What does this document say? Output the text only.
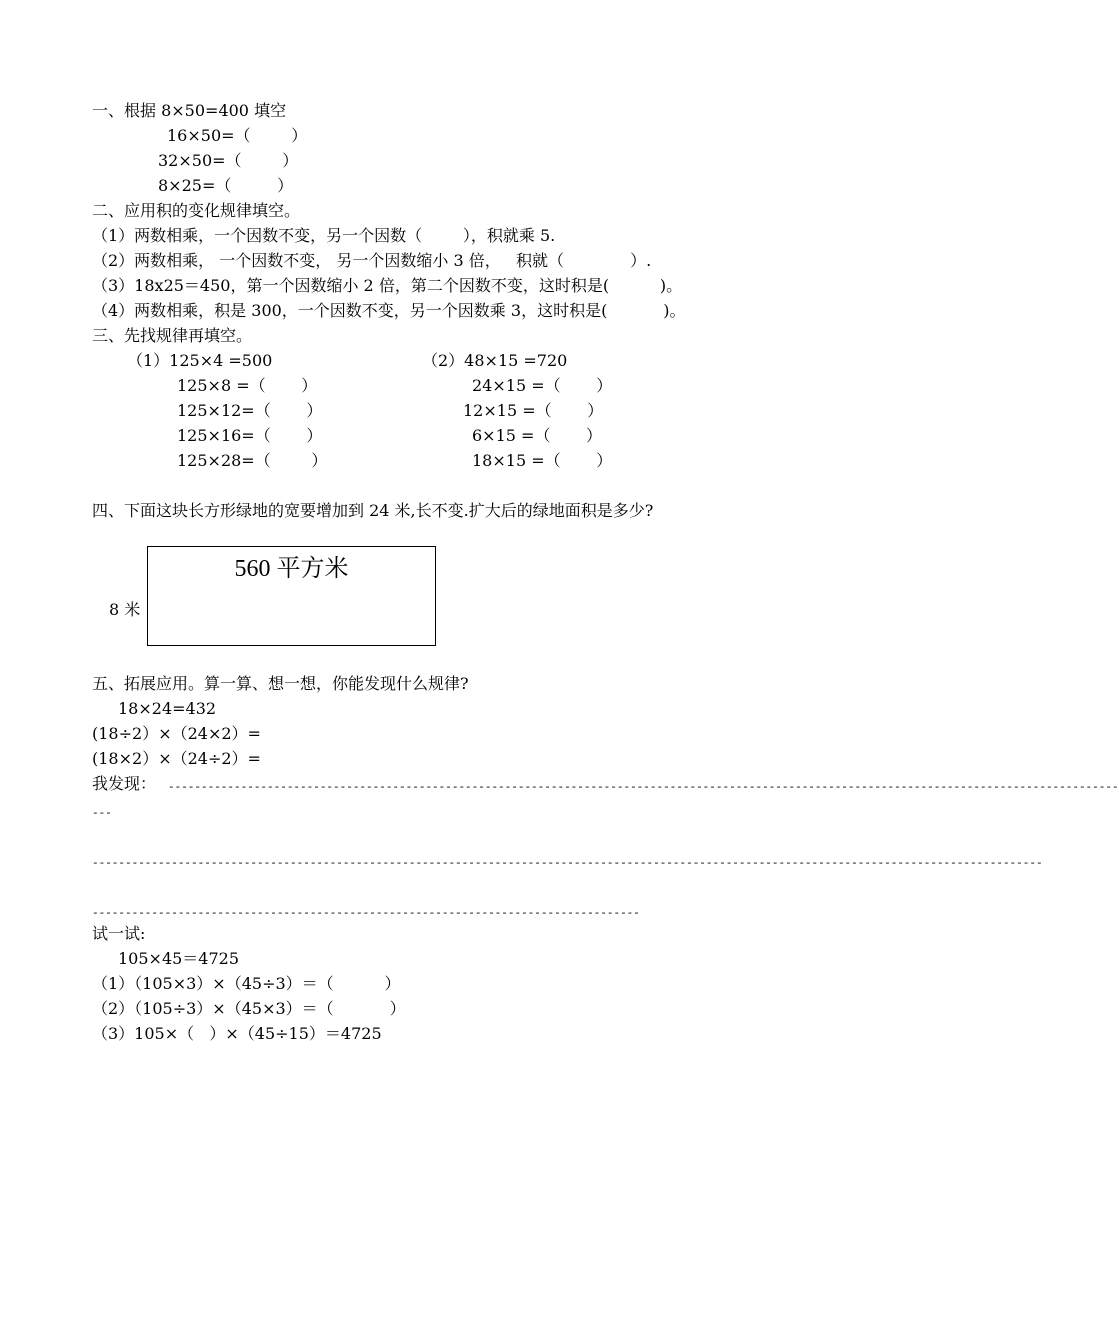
一、根据 8×50=400 填空
16×50=（        ）
32×50=（        ）
8×25=（         ）
二、应用积的变化规律填空。
（1）两数相乘，一个因数不变，另一个因数（        ），积就乘 5.
（2）两数相乘， 一个因数不变， 另一个因数缩小 3 倍，   积就（             ）.
（3）18x25＝450，第一个因数缩小 2 倍，第二个因数不变，这时积是(          )。
（4）两数相乘，积是 300，一个因数不变，另一个因数乘 3，这时积是(           )。
三、先找规律再填空。
（1）125×4 =500
125×8 =（       ）
125×12=（       ）
125×16=（       ）
125×28=（        ）
（2）48×15 =720
24×15 =（       ）
12×15 =（       ）
6×15 =（       ）
18×15 =（       ）
四、下面这块长方形绿地的宽要增加到 24 米,长不变.扩大后的绿地面积是多少?
560 平方米
8 米
五、拓展应用。算一算、想一想，你能发现什么规律?
18×24=432
(18÷2）×（24×2）=
(18×2）×（24÷2）=
我发现： ------------------------------------------------------------------------------------------------------------------------------------------------
---
------------------------------------------------------------------------------------------------------------------------------------------------
-----------------------------------------------------------------------------------
试一试:
105×45＝4725
（1）（105×3）×（45÷3）＝（          ）
（2）（105÷3）×（45×3）＝（           ）
（3）105×（   ）×（45÷15）＝4725
